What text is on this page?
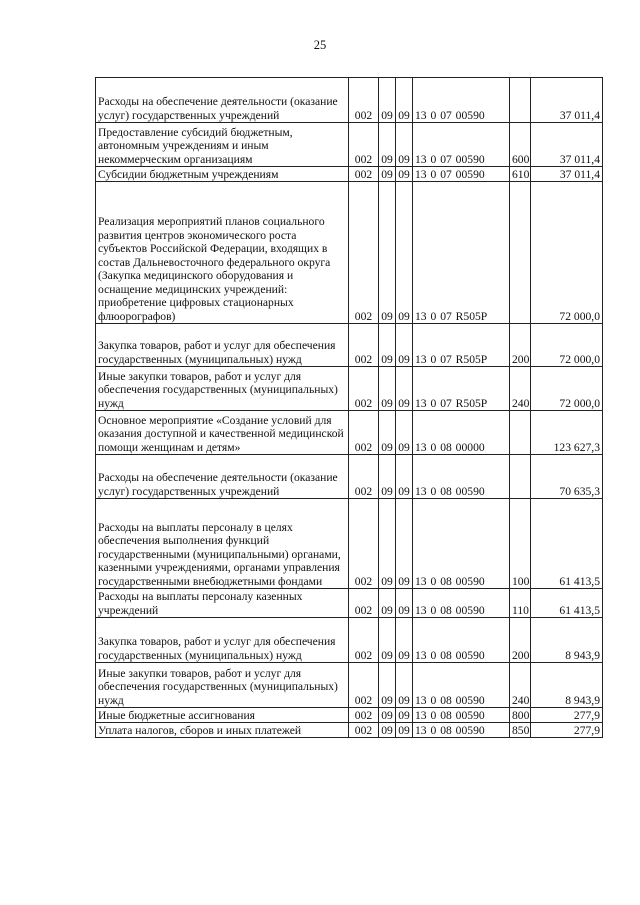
25
Расходы на обеспечение деятельности (оказание услуг) государственных учреждений	002	09	09	13 0 07 00590		37 011,4
Предоставление субсидий бюджетным, автономным учреждениям и иным некоммерческим организациям	002	09	09	13 0 07 00590	600	37 011,4
Субсидии бюджетным учреждениям	002	09	09	13 0 07 00590	610	37 011,4
Реализация мероприятий планов социального развития центров экономического роста субъектов Российской Федерации, входящих в состав Дальневосточного федерального округа (Закупка медицинского оборудования и оснащение медицинских учреждений: приобретение цифровых стационарных флюорографов)	002	09	09	13 0 07 R505P		72 000,0
Закупка товаров, работ и услуг для обеспечения государственных (муниципальных) нужд	002	09	09	13 0 07 R505P	200	72 000,0
Иные закупки товаров, работ и услуг для обеспечения государственных (муниципальных) нужд	002	09	09	13 0 07 R505P	240	72 000,0
Основное мероприятие «Создание условий для оказания доступной и качественной медицинской помощи женщинам и детям»	002	09	09	13 0 08 00000		123 627,3
Расходы на обеспечение деятельности (оказание услуг) государственных учреждений	002	09	09	13 0 08 00590		70 635,3
Расходы на выплаты персоналу в целях обеспечения выполнения функций государственными (муниципальными) органами, казенными учреждениями, органами управления государственными внебюджетными фондами	002	09	09	13 0 08 00590	100	61 413,5
Расходы на выплаты персоналу казенных учреждений	002	09	09	13 0 08 00590	110	61 413,5
Закупка товаров, работ и услуг для обеспечения государственных (муниципальных) нужд	002	09	09	13 0 08 00590	200	8 943,9
Иные закупки товаров, работ и услуг для обеспечения государственных (муниципальных) нужд	002	09	09	13 0 08 00590	240	8 943,9
Иные бюджетные ассигнования	002	09	09	13 0 08 00590	800	277,9
Уплата налогов, сборов и иных платежей	002	09	09	13 0 08 00590	850	277,9
